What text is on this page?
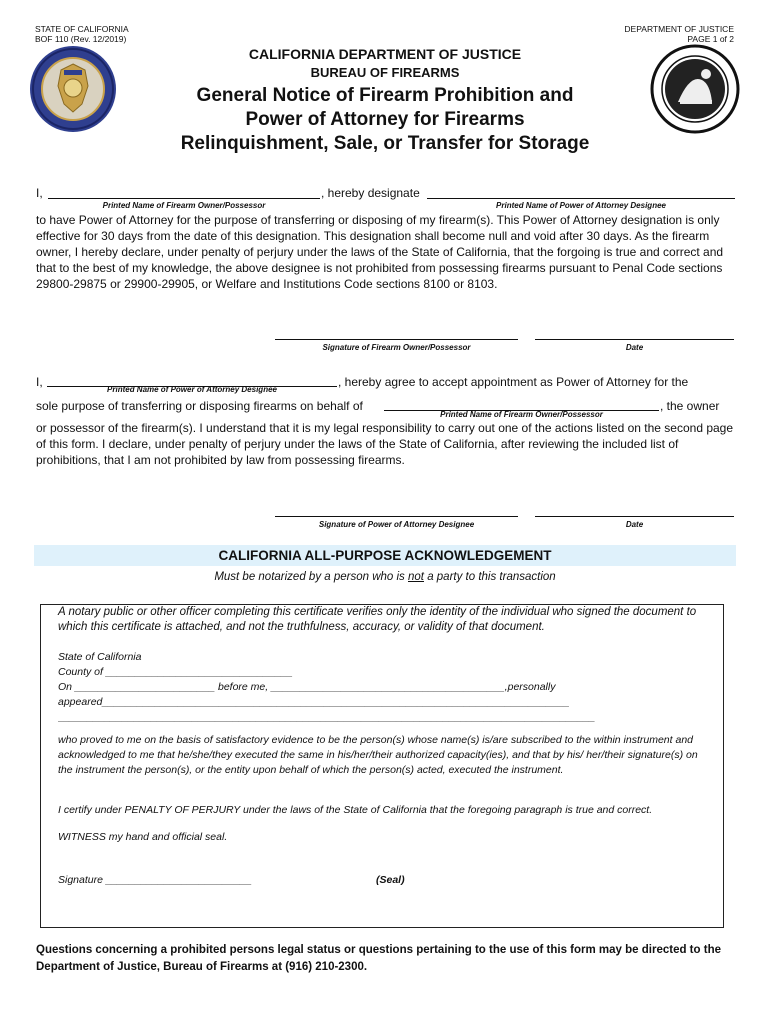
STATE OF CALIFORNIA
BOF 110 (Rev. 12/2019)
DEPARTMENT OF JUSTICE
PAGE 1 of 2
CALIFORNIA DEPARTMENT OF JUSTICE
BUREAU OF FIREARMS
General Notice of Firearm Prohibition and
Power of Attorney for Firearms
Relinquishment, Sale, or Transfer for Storage
I,	, hereby designate
Printed Name of Firearm Owner/Possessor	Printed Name of Power of Attorney Designee
to have Power of Attorney for the purpose of transferring or disposing of my firearm(s). This Power of Attorney designation is only effective for 30 days from the date of this designation. This designation shall become null and void after 30 days. As the firearm owner, I hereby declare, under penalty of perjury under the laws of the State of California, that the forgoing is true and correct and that to the best of my knowledge, the above designee is not prohibited from possessing firearms pursuant to Penal Code sections 29800-29875 or 29900-29905, or Welfare and Institutions Code sections 8100 or 8103.
Signature of Firearm Owner/Possessor	Date
I,	, hereby agree to accept appointment as Power of Attorney for the
Printed Name of Power of Attorney Designee
sole purpose of transferring or disposing firearms on behalf of	, the owner
Printed Name of Firearm Owner/Possessor
or possessor of the firearm(s). I understand that it is my legal responsibility to carry out one of the actions listed on the second page of this form. I declare, under penalty of perjury under the laws of the State of California, after reviewing the included list of prohibitions, that I am not prohibited by law from possessing firearms.
Signature of Power of Attorney Designee	Date
CALIFORNIA ALL-PURPOSE ACKNOWLEDGEMENT
Must be notarized by a person who is not a party to this transaction
A notary public or other officer completing this certificate verifies only the identity of the individual who signed the document to which this certificate is attached, and not the truthfulness, accuracy, or validity of that document.
State of California
County of ________________________________
On ________________________ before me, ________________________________________,personally
appeared________________________________________________________________________________
____________________________________________________________________________________________
who proved to me on the basis of satisfactory evidence to be the person(s) whose name(s) is/are subscribed to the within instrument and acknowledged to me that he/she/they executed the same in his/her/their authorized capacity(ies), and that by his/ her/their signature(s) on the instrument the person(s), or the entity upon behalf of which the person(s) acted, executed the instrument.
I certify under PENALTY OF PERJURY under the laws of the State of California that the foregoing paragraph is true and correct.
WITNESS my hand and official seal.
Signature _________________________	(Seal)
Questions concerning a prohibited persons legal status or questions pertaining to the use of this form may be directed to the Department of Justice, Bureau of Firearms at (916) 210-2300.
